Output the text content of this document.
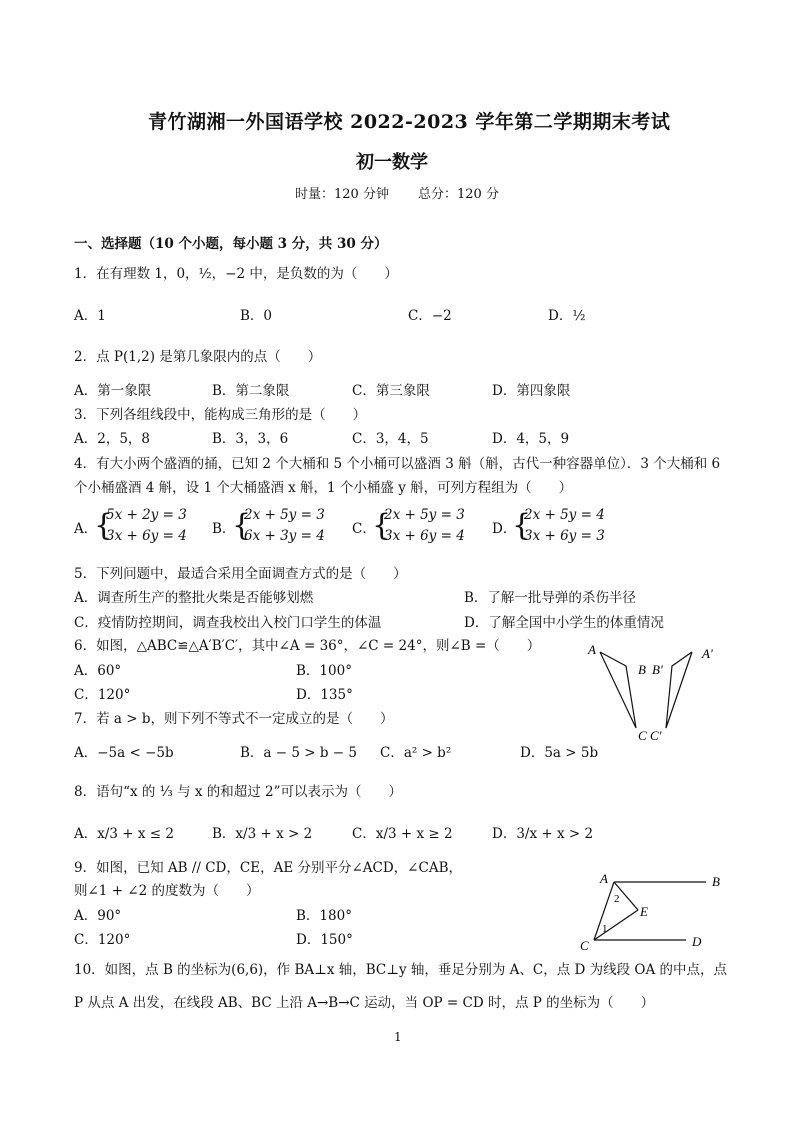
青竹湖湘一外国语学校 2022-2023 学年第二学期期末考试
初一数学
时量：120 分钟 总分：120 分
一、选择题（10 个小题，每小题 3 分，共 30 分）
1．在有理数 1，0，½，−2 中，是负数的为（　　）
A．1	B．0	C．−2	D．½
2．点 P(1,2) 是第几象限内的点（　　）
A．第一象限	B．第二象限	C．第三象限	D．第四象限
3．下列各组线段中，能构成三角形的是（　　）
A．2，5，8	B．3，3，6	C．3，4，5	D．4，5，9
4．有大小两个盛酒的捅，已知 2 个大桶和 5 个小桶可以盛酒 3 斛（斛，古代一种容器单位）．3 个大桶和 6
个小桶盛酒 4 斛，设 1 个大桶盛酒 x 斛，1 个小桶盛 y 斛，可列方程组为（　　）
A．
{
5x + 2y = 3
3x + 6y = 4 B．
{
2x + 5y = 3
6x + 3y = 4 C．
{
2x + 5y = 3
3x + 6y = 4 D．
{
2x + 5y = 4
3x + 6y = 3
5．下列问题中，最适合采用全面调查方式的是（　　）
A．调查所生产的整批火柴是否能够划燃	B．了解一批导弹的杀伤半径
C．疫情防控期间，调查我校出入校门口学生的体温	D．了解全国中小学生的体重情况
6．如图，△ABC≌△A′B′C′，其中∠A = 36°，∠C = 24°，则∠B =（　　）
A．60°	B．100°
C．120°	D．135°
A
B B′
A′
C C′
7．若 a > b，则下列不等式不一定成立的是（　　）
A．−5a < −5b	B．a − 5 > b − 5 C．a² > b²	D．5a > 5b
8．语句“x 的 ⅓ 与 x 的和超过 2”可以表示为（　　）
A．x/3 + x ≤ 2	B．x/3 + x > 2	C．x/3 + x ≥ 2	D．3/x + x > 2
9．如图，已知 AB // CD，CE，AE 分别平分∠ACD，∠CAB，
则∠1 + ∠2 的度数为（　　）
A．90°	B．180°
C．120°	D．150°
A	B
E
C	D
1
2
10．如图，点 B 的坐标为(6,6)，作 BA⊥x 轴，BC⊥y 轴，垂足分别为 A、C，点 D 为线段 OA 的中点，点
P 从点 A 出发，在线段 AB、BC 上沿 A→B→C 运动，当 OP = CD 时，点 P 的坐标为（　　）
1
